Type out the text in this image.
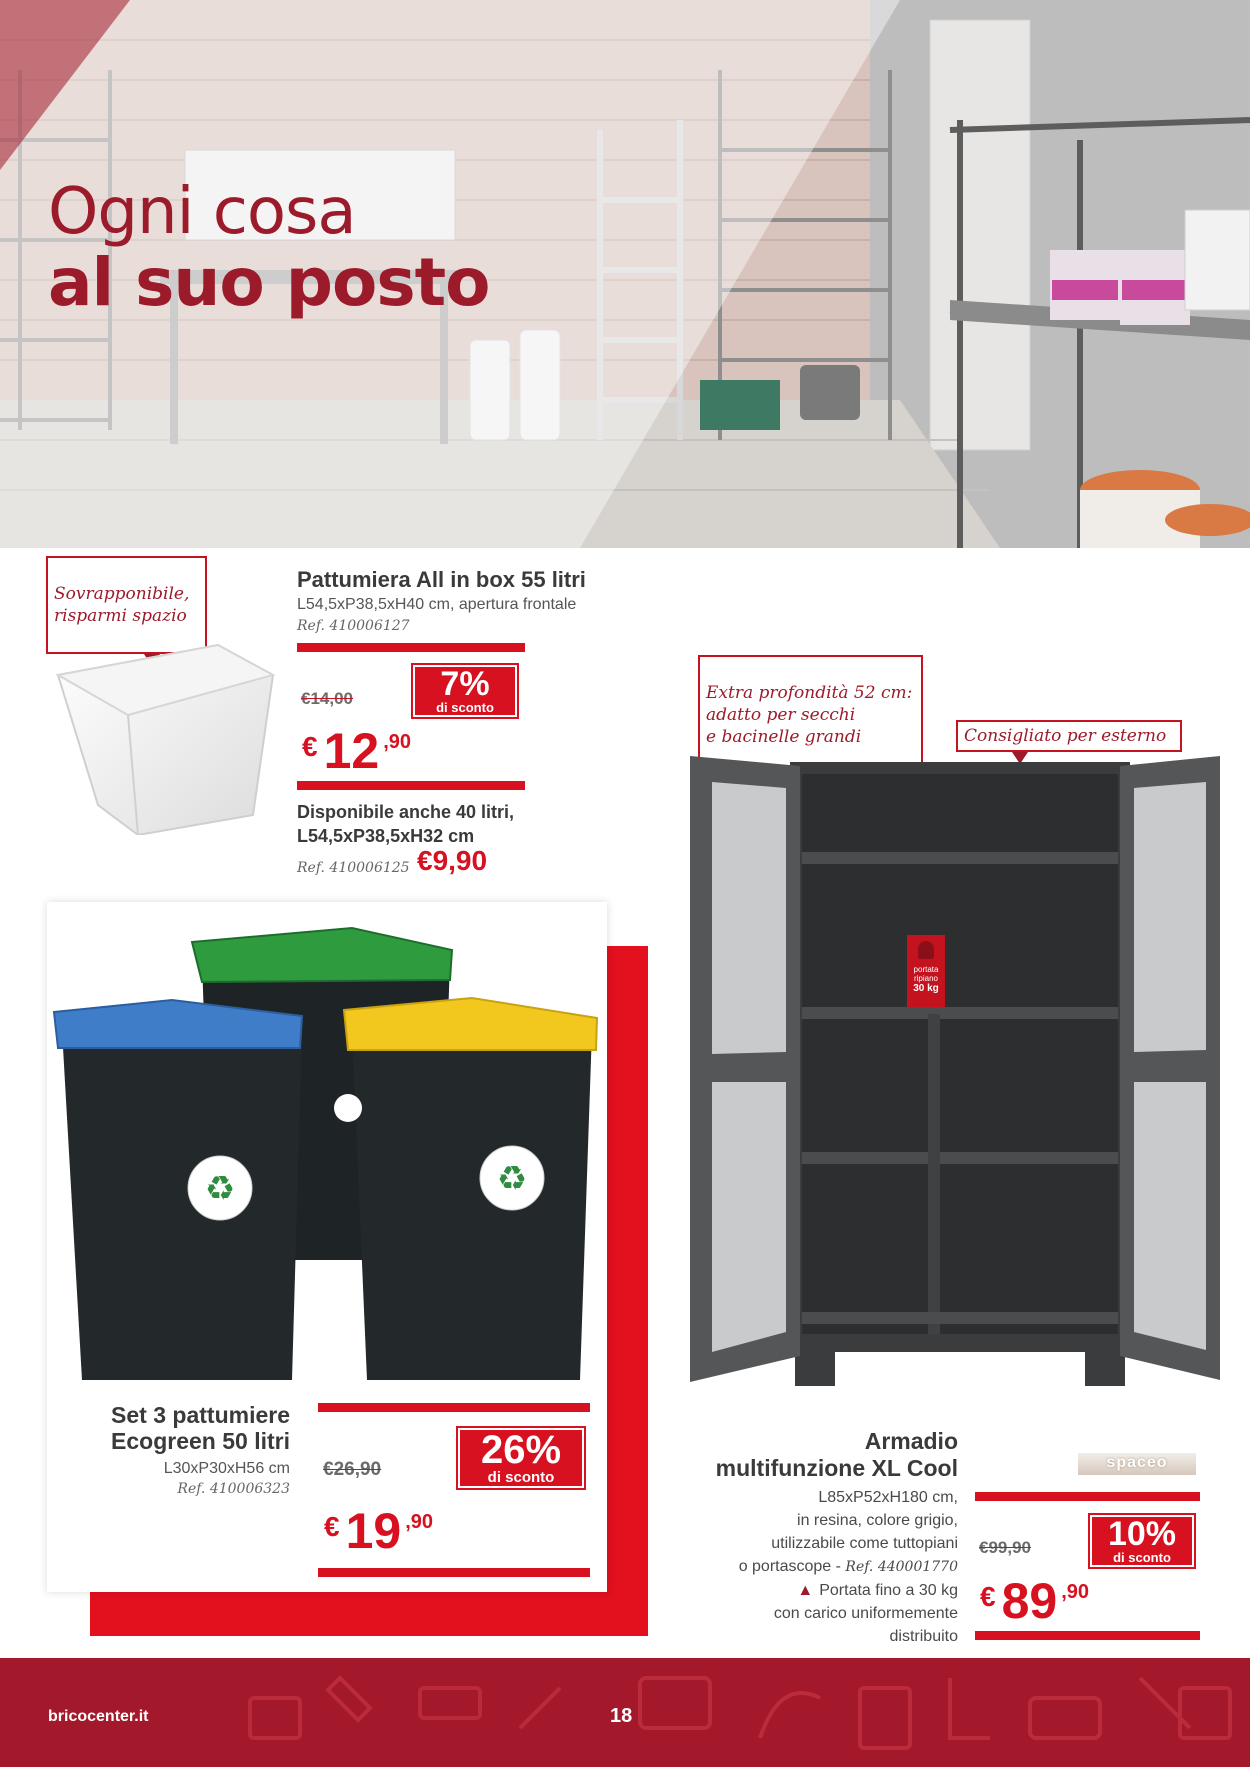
Ogni cosa
al suo posto

Sovrapponibile,
risparmi spazio

Pattumiera All in box 55 litri
L54,5xP38,5xH40 cm, apertura frontale
Ref. 410006127
€14,00	7%
di sconto
€ 12 ,90
Disponibile anche 40 litri,
L54,5xP38,5xH32 cm
Ref. 410006125 €9,90
♻	♻
Set 3 pattumiere
Ecogreen 50 litri
L30xP30xH56 cm
Ref. 410006323
€26,90	26%
di sconto
€ 19 ,90

Extra profondità 52 cm:
adatto per secchi
e bacinelle grandi	Consigliato per esterno
portata
ripiano
30 kg
Armadio
multifunzione XL Cool	spaceo
L85xP52xH180 cm,
in resina, colore grigio,
utilizzabile come tuttopiani
o portascope - Ref. 440001770
▲ Portata fino a 30 kg
con carico uniformemente
distribuito
€99,90	10%
di sconto
€ 89 ,90
bricocenter.it	18
